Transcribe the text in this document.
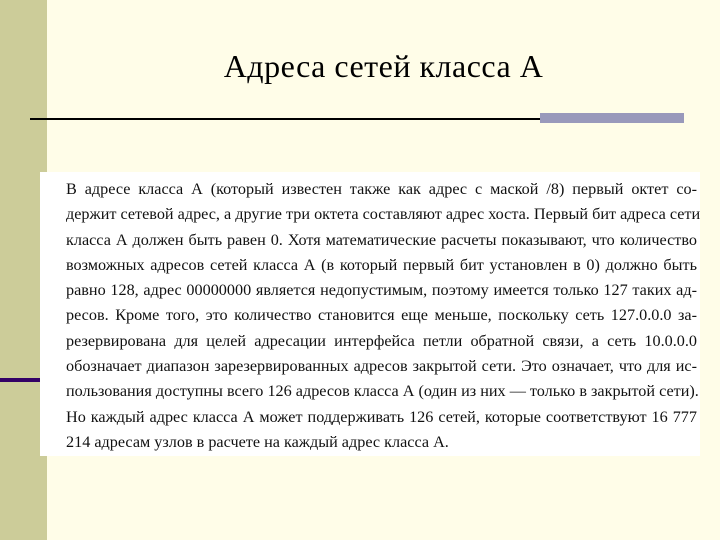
Адреса сетей класса А
В адресе класса А (который известен также как адрес с маской /8) первый октет со-
держит сетевой адрес, а другие три октета составляют адрес хоста. Первый бит адреса сети
класса А должен быть равен 0. Хотя математические расчеты показывают, что количество
возможных адресов сетей класса А (в который первый бит установлен в 0) должно быть
равно 128, адрес 00000000 является недопустимым, поэтому имеется только 127 таких ад-
ресов. Кроме того, это количество становится еще меньше, поскольку сеть 127.0.0.0 за-
резервирована для целей адресации интерфейса петли обратной связи, а сеть 10.0.0.0
обозначает диапазон зарезервированных адресов закрытой сети. Это означает, что для ис-
пользования доступны всего 126 адресов класса А (один из них — только в закрытой сети).
Но каждый адрес класса А может поддерживать 126 сетей, которые соответствуют 16 777
214 адресам узлов в расчете на каждый адрес класса А.
